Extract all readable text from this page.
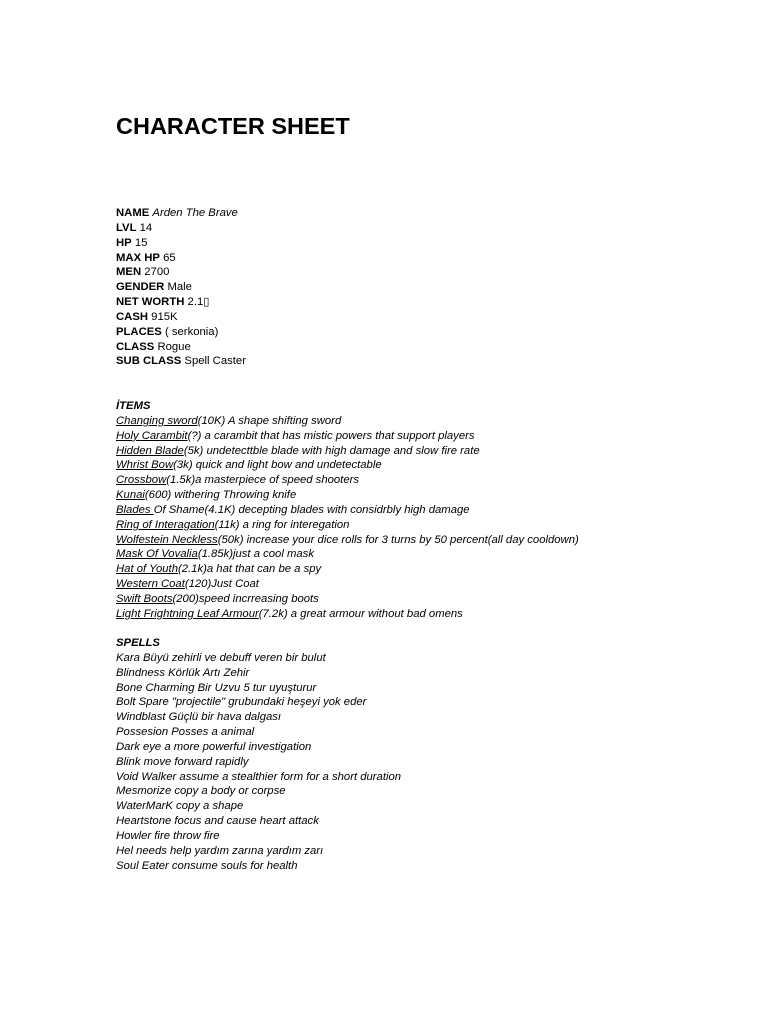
CHARACTER SHEET
NAME Arden The Brave
LVL 14
HP 15
MAX HP 65
MEN 2700
GENDER Male
NET WORTH 2.1▯
CASH 915K
PLACES ( serkonia)
CLASS Rogue
SUB CLASS Spell Caster
İTEMS
Changing sword(10K) A shape shifting sword
Holy Carambit(?) a carambit that has mistic powers that support players
Hidden Blade(5k) undetecttble blade with high damage and slow fire rate
Whrist Bow(3k) quick and light bow and undetectable
Crossbow(1.5k)a masterpiece of speed shooters
Kunai(600) withering Throwing knife
Blades Of Shame(4.1K) decepting blades with considrbly high damage
Ring of Interagation(11k) a ring for interegation
Wolfestein Neckless(50k) increase your dice rolls for 3 turns by 50 percent(all day cooldown)
Mask Of Vovalia(1.85k)just a cool mask
Hat of Youth(2.1k)a hat that can be a spy
Western Coat(120)Just Coat
Swift Boots(200)speed incrreasing boots
Light Frightning Leaf Armour(7.2k) a great armour without bad omens
SPELLS
Kara Büyü zehirli ve debuff veren bir bulut
Blindness Körlük Artı Zehir
Bone Charming Bir Uzvu 5 tur uyuşturur
Bolt Spare "projectile" grubundaki heşeyi yok eder
Windblast Güçlü bir hava dalgası
Possesion Posses a animal
Dark eye a more powerful investigation
Blink move forward rapidly
Void Walker assume a stealthier form for a short duration
Mesmorize copy a body or corpse
WaterMarK copy a shape
Heartstone focus and cause heart attack
Howler fire throw fire
Hel needs help yardım zarına yardım zarı
Soul Eater consume souls for health
